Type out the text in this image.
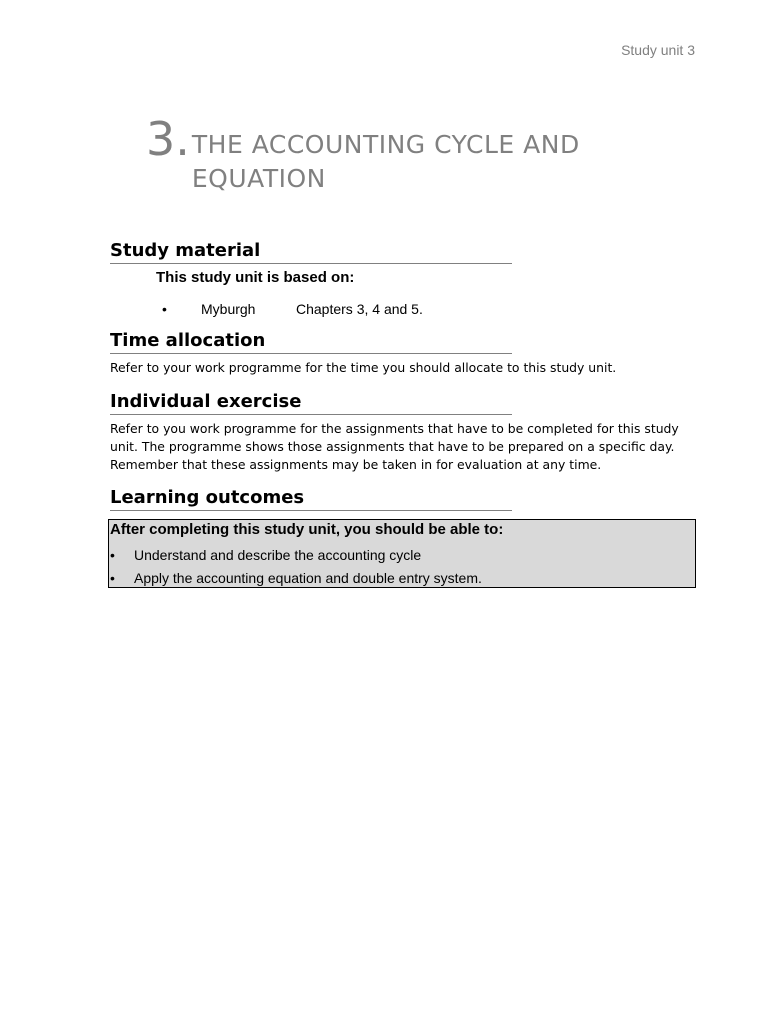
Study unit 3
3. THE ACCOUNTING CYCLE AND EQUATION
Study material
This study unit is based on:
•	Myburgh	Chapters 3, 4 and 5.
Time allocation
Refer to your work programme for the time you should allocate to this study unit.
Individual exercise
Refer to you work programme for the assignments that have to be completed for this study unit. The programme shows those assignments that have to be prepared on a specific day. Remember that these assignments may be taken in for evaluation at any time.
Learning outcomes
After completing this study unit, you should be able to:
•	Understand and describe the accounting cycle
•	Apply the accounting equation and double entry system.
